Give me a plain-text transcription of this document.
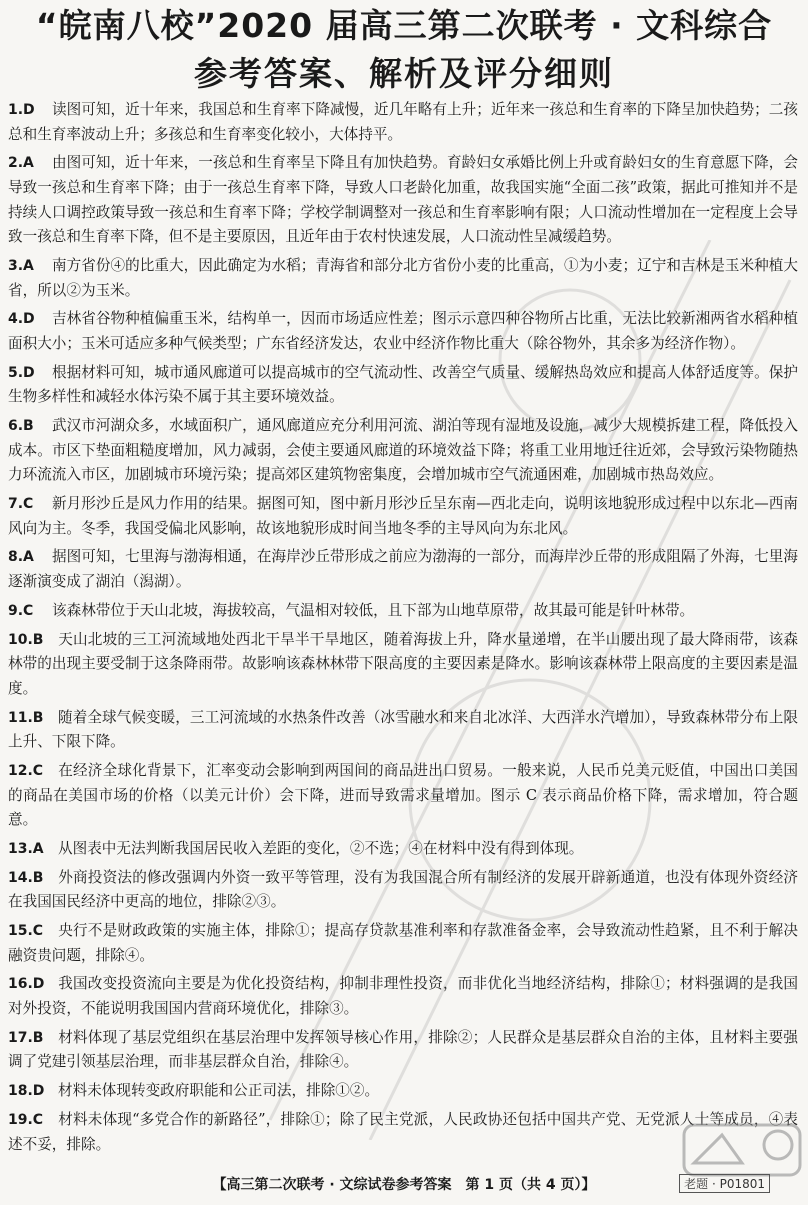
“皖南八校”2020 届高三第二次联考 · 文科综合
参考答案、解析及评分细则
1.D 读图可知，近十年来，我国总和生育率下降减慢，近几年略有上升；近年来一孩总和生育率的下降呈加快趋势；二孩总和生育率波动上升；多孩总和生育率变化较小，大体持平。
2.A 由图可知，近十年来，一孩总和生育率呈下降且有加快趋势。育龄妇女承婚比例上升或育龄妇女的生育意愿下降，会导致一孩总和生育率下降；由于一孩总生育率下降，导致人口老龄化加重，故我国实施“全面二孩”政策，据此可推知并不是持续人口调控政策导致一孩总和生育率下降；学校学制调整对一孩总和生育率影响有限；人口流动性增加在一定程度上会导致一孩总和生育率下降，但不是主要原因，且近年由于农村快速发展，人口流动性呈减缓趋势。
3.A 南方省份④的比重大，因此确定为水稻；青海省和部分北方省份小麦的比重高，①为小麦；辽宁和吉林是玉米种植大省，所以②为玉米。
4.D 吉林省谷物种植偏重玉米，结构单一，因而市场适应性差；图示示意四种谷物所占比重，无法比较新湘两省水稻种植面积大小；玉米可适应多种气候类型；广东省经济发达，农业中经济作物比重大（除谷物外，其余多为经济作物）。
5.D 根据材料可知，城市通风廊道可以提高城市的空气流动性、改善空气质量、缓解热岛效应和提高人体舒适度等。保护生物多样性和减轻水体污染不属于其主要环境效益。
6.B 武汉市河湖众多，水域面积广，通风廊道应充分利用河流、湖泊等现有湿地及设施，减少大规模拆建工程，降低投入成本。市区下垫面粗糙度增加，风力减弱，会使主要通风廊道的环境效益下降；将重工业用地迁往近郊，会导致污染物随热力环流流入市区，加剧城市环境污染；提高郊区建筑物密集度，会增加城市空气流通困难，加剧城市热岛效应。
7.C 新月形沙丘是风力作用的结果。据图可知，图中新月形沙丘呈东南—西北走向，说明该地貌形成过程中以东北—西南风向为主。冬季，我国受偏北风影响，故该地貌形成时间当地冬季的主导风向为东北风。
8.A 据图可知，七里海与渤海相通，在海岸沙丘带形成之前应为渤海的一部分，而海岸沙丘带的形成阻隔了外海，七里海逐渐演变成了湖泊（潟湖）。
9.C 该森林带位于天山北坡，海拔较高，气温相对较低，且下部为山地草原带，故其最可能是针叶林带。
10.B 天山北坡的三工河流域地处西北干旱半干旱地区，随着海拔上升，降水量递增，在半山腰出现了最大降雨带，该森林带的出现主要受制于这条降雨带。故影响该森林林带下限高度的主要因素是降水。影响该森林带上限高度的主要因素是温度。
11.B 随着全球气候变暖，三工河流域的水热条件改善（冰雪融水和来自北冰洋、大西洋水汽增加），导致森林带分布上限上升、下限下降。
12.C 在经济全球化背景下，汇率变动会影响到两国间的商品进出口贸易。一般来说，人民币兑美元贬值，中国出口美国的商品在美国市场的价格（以美元计价）会下降，进而导致需求量增加。图示 C 表示商品价格下降，需求增加，符合题意。
13.A 从图表中无法判断我国居民收入差距的变化，②不选；④在材料中没有得到体现。
14.B 外商投资法的修改强调内外资一致平等管理，没有为我国混合所有制经济的发展开辟新通道，也没有体现外资经济在我国国民经济中更高的地位，排除②③。
15.C 央行不是财政政策的实施主体，排除①；提高存贷款基准利率和存款准备金率，会导致流动性趋紧，且不利于解决融资贵问题，排除④。
16.D 我国改变投资流向主要是为优化投资结构，抑制非理性投资，而非优化当地经济结构，排除①；材料强调的是我国对外投资，不能说明我国国内营商环境优化，排除③。
17.B 材料体现了基层党组织在基层治理中发挥领导核心作用，排除②；人民群众是基层群众自治的主体，且材料主要强调了党建引领基层治理，而非基层群众自治，排除④。
18.D 材料未体现转变政府职能和公正司法，排除①②。
19.C 材料未体现“多党合作的新路径”，排除①；除了民主党派，人民政协还包括中国共产党、无党派人士等成员，④表述不妥，排除。
【高三第二次联考 · 文综试卷参考答案　第 1 页（共 4 页）】	老题 · P01801
